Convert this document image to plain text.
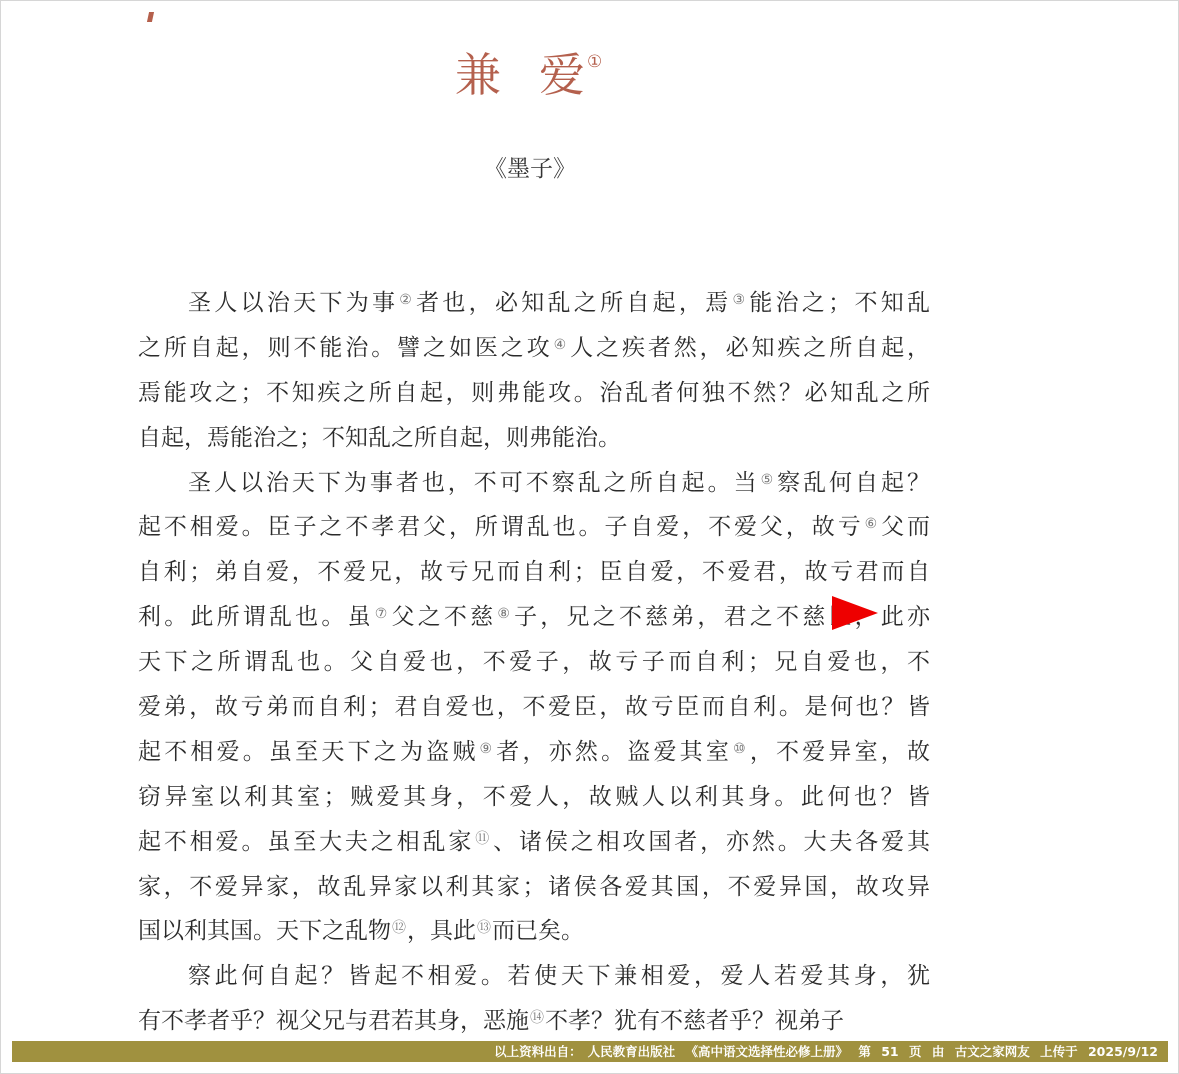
兼 爱 ①
《墨子》
圣人以治天下为事②者也，必知乱之所自起，焉③能治之；不知乱
之所自起，则不能治。譬之如医之攻④人之疾者然，必知疾之所自起，
焉能攻之；不知疾之所自起，则弗能攻。治乱者何独不然？必知乱之所
自起，焉能治之；不知乱之所自起，则弗能治。
圣人以治天下为事者也，不可不察乱之所自起。当⑤察乱何自起？
起不相爱。臣子之不孝君父，所谓乱也。子自爱，不爱父，故亏⑥父而
自利；弟自爱，不爱兄，故亏兄而自利；臣自爱，不爱君，故亏君而自
利。此所谓乱也。虽⑦父之不慈⑧子，兄之不慈弟，君之不慈臣，此亦
天下之所谓乱也。父自爱也，不爱子，故亏子而自利；兄自爱也，不
爱弟，故亏弟而自利；君自爱也，不爱臣，故亏臣而自利。是何也？皆
起不相爱。虽至天下之为盗贼⑨者，亦然。盗爱其室⑩，不爱异室，故
窃异室以利其室；贼爱其身，不爱人，故贼人以利其身。此何也？皆
起不相爱。虽至大夫之相乱家⑪、诸侯之相攻国者，亦然。大夫各爱其
家，不爱异家，故乱异家以利其家；诸侯各爱其国，不爱异国，故攻异
国以利其国。天下之乱物⑫，具此⑬而已矣。
察此何自起？皆起不相爱。若使天下兼相爱，爱人若爱其身，犹
有不孝者乎？视父兄与君若其身，恶施⑭不孝？犹有不慈者乎？视弟子
以上资料出自： 人民教育出版社 《高中语文选择性必修上册》 第 51 页 由 古文之家网友 上传于 2025/9/12
